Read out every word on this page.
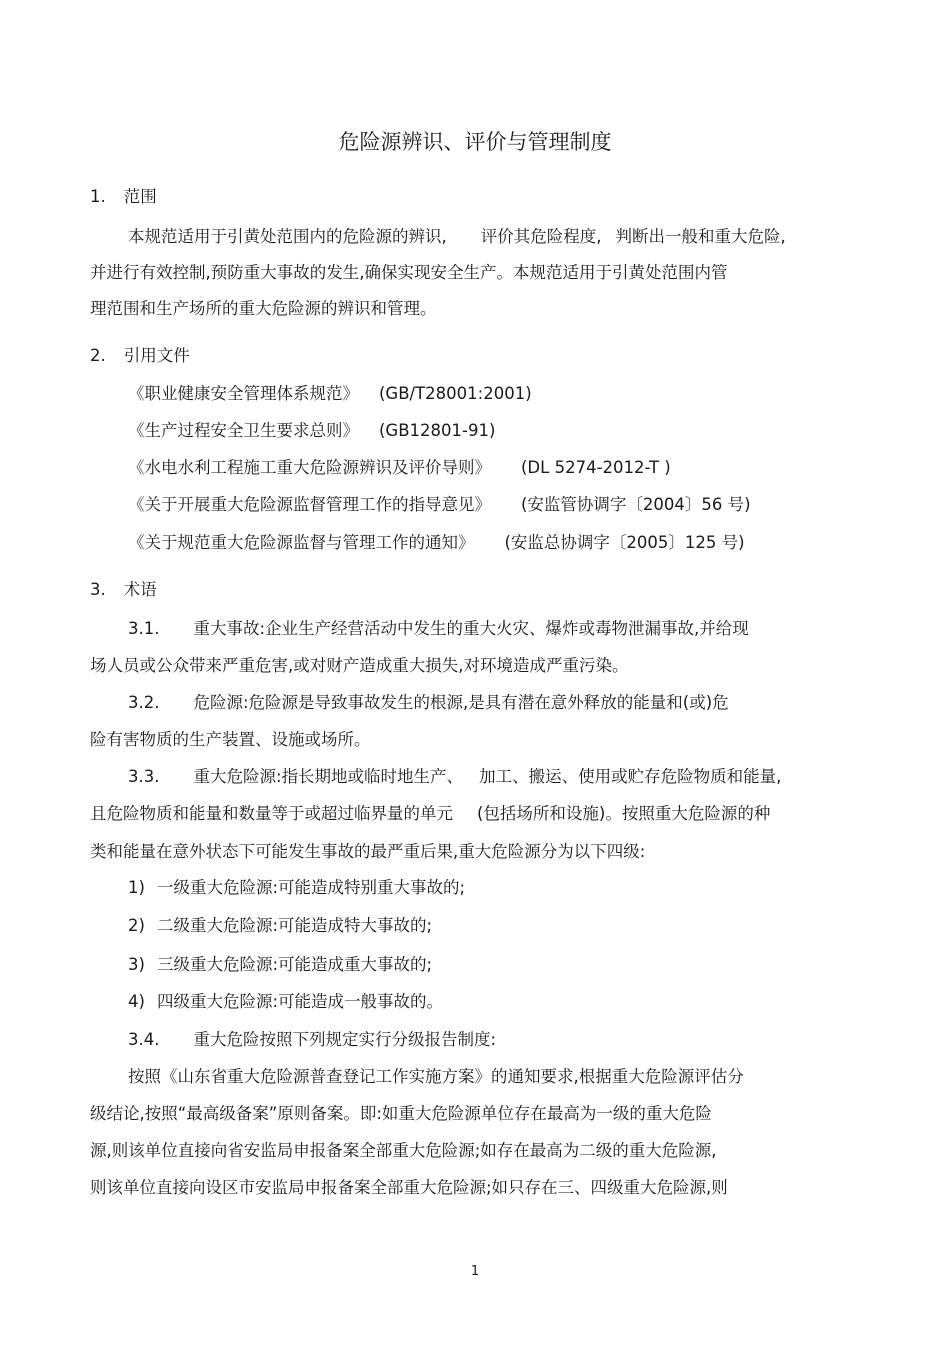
危险源辨识、评价与管理制度
1. 范围
本规范适用于引黄处范围内的危险源的辨识, 评价其危险程度, 判断出一般和重大危险,
并进行有效控制,预防重大事故的发生,确保实现安全生产。本规范适用于引黄处范围内管
理范围和生产场所的重大危险源的辨识和管理。
2. 引用文件
《职业健康安全管理体系规范》 (GB/T28001:2001)
《生产过程安全卫生要求总则》 (GB12801-91)
《水电水利工程施工重大危险源辨识及评价导则》 (DL 5274-2012-T )
《关于开展重大危险源监督管理工作的指导意见》 (安监管协调字〔2004〕56 号)
《关于规范重大危险源监督与管理工作的通知》 (安监总协调字〔2005〕125 号)
3. 术语
3.1. 重大事故:企业生产经营活动中发生的重大火灾、爆炸或毒物泄漏事故,并给现
场人员或公众带来严重危害,或对财产造成重大损失,对环境造成严重污染。
3.2. 危险源:危险源是导致事故发生的根源,是具有潜在意外释放的能量和(或)危
险有害物质的生产装置、设施或场所。
3.3. 重大危险源:指长期地或临时地生产、 加工、搬运、使用或贮存危险物质和能量,
且危险物质和能量和数量等于或超过临界量的单元 (包括场所和设施)。按照重大危险源的种
类和能量在意外状态下可能发生事故的最严重后果,重大危险源分为以下四级:
1) 一级重大危险源:可能造成特别重大事故的;
2) 二级重大危险源:可能造成特大事故的;
3) 三级重大危险源:可能造成重大事故的;
4) 四级重大危险源:可能造成一般事故的。
3.4. 重大危险按照下列规定实行分级报告制度:
按照《山东省重大危险源普查登记工作实施方案》的通知要求,根据重大危险源评估分
级结论,按照“最高级备案”原则备案。即:如重大危险源单位存在最高为一级的重大危险
源,则该单位直接向省安监局申报备案全部重大危险源;如存在最高为二级的重大危险源,
则该单位直接向设区市安监局申报备案全部重大危险源;如只存在三、四级重大危险源,则
1
